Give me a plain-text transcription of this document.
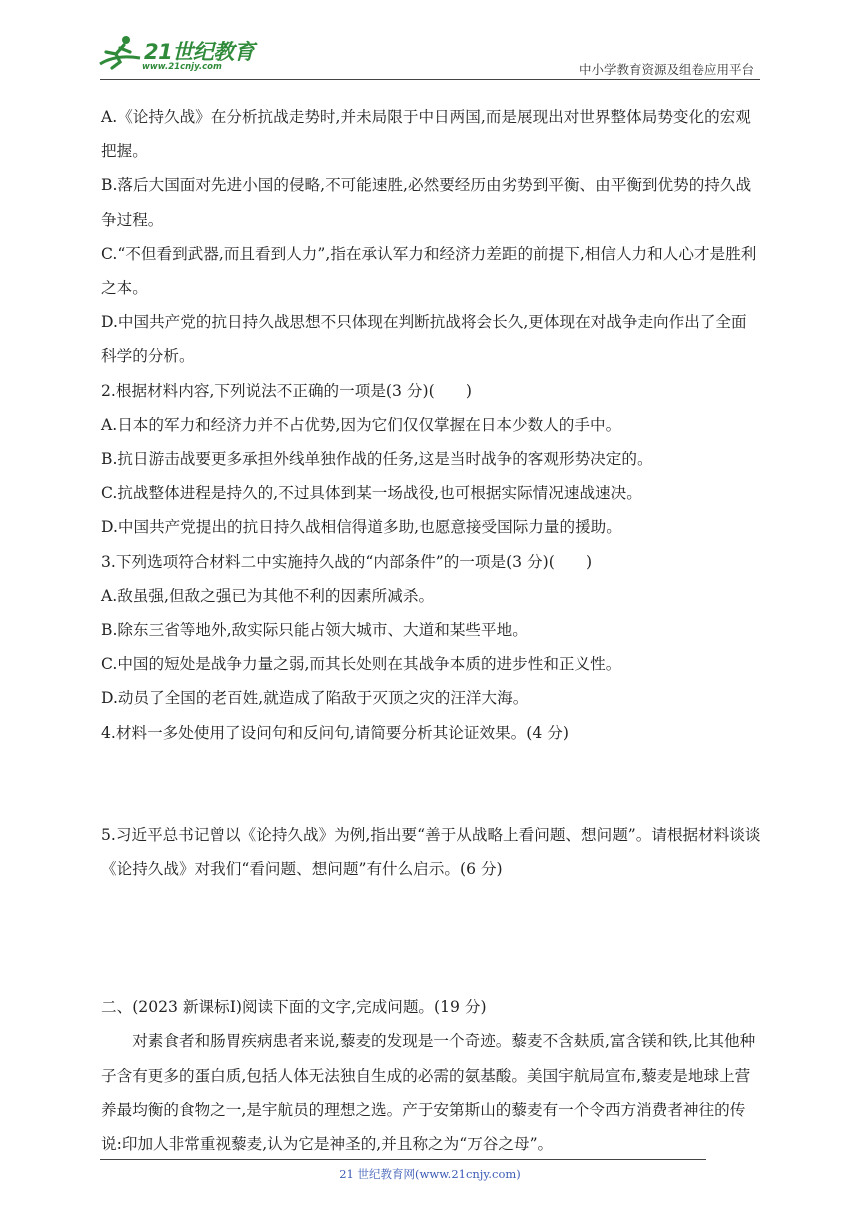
21世纪教育
www.21cnjy.com	中小学教育资源及组卷应用平台

A.《论持久战》在分析抗战走势时,并未局限于中日两国,而是展现出对世界整体局势变化的宏观把握。

B.落后大国面对先进小国的侵略,不可能速胜,必然要经历由劣势到平衡、由平衡到优势的持久战争过程。

C.“不但看到武器,而且看到人力”,指在承认军力和经济力差距的前提下,相信人力和人心才是胜利之本。

D.中国共产党的抗日持久战思想不只体现在判断抗战将会长久,更体现在对战争走向作出了全面科学的分析。

2.根据材料内容,下列说法不正确的一项是(3 分)(　　)

A.日本的军力和经济力并不占优势,因为它们仅仅掌握在日本少数人的手中。

B.抗日游击战要更多承担外线单独作战的任务,这是当时战争的客观形势决定的。

C.抗战整体进程是持久的,不过具体到某一场战役,也可根据实际情况速战速决。

D.中国共产党提出的抗日持久战相信得道多助,也愿意接受国际力量的援助。

3.下列选项符合材料二中实施持久战的“内部条件”的一项是(3 分)(　　)

A.敌虽强,但敌之强已为其他不利的因素所减杀。

B.除东三省等地外,敌实际只能占领大城市、大道和某些平地。

C.中国的短处是战争力量之弱,而其长处则在其战争本质的进步性和正义性。

D.动员了全国的老百姓,就造成了陷敌于灭顶之灾的汪洋大海。

4.材料一多处使用了设问句和反问句,请简要分析其论证效果。(4 分)

5.习近平总书记曾以《论持久战》为例,指出要“善于从战略上看问题、想问题”。请根据材料谈谈《论持久战》对我们“看问题、想问题”有什么启示。(6 分)

二、(2023 新课标Ⅰ)阅读下面的文字,完成问题。(19 分)

对素食者和肠胃疾病患者来说,藜麦的发现是一个奇迹。藜麦不含麸质,富含镁和铁,比其他种子含有更多的蛋白质,包括人体无法独自生成的必需的氨基酸。美国宇航局宣布,藜麦是地球上营养最均衡的食物之一,是宇航员的理想之选。产于安第斯山的藜麦有一个令西方消费者神往的传说:印加人非常重视藜麦,认为它是神圣的,并且称之为“万谷之母”。

21 世纪教育网(www.21cnjy.com)
